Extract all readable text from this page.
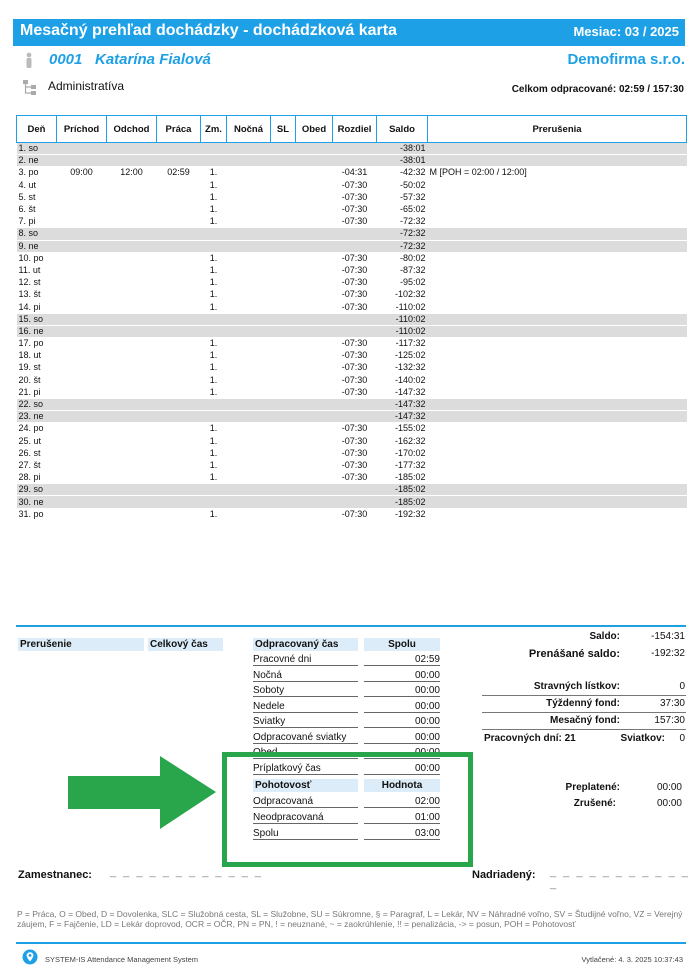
Mesačný prehľad dochádzky - dochádzková karta	Mesiac: 03 / 2025
0001 Katarína Fialová	Demofirma s.r.o.
Administratíva	Celkom odpracované: 02:59 / 157:30
Deň	Príchod	Odchod	Práca	Zm.	Nočná	SL	Obed	Rozdiel	Saldo	Prerušenia
1. so									-38:01	
2. ne									-38:01	
3. po	09:00	12:00	02:59	1.				-04:31	-42:32	M [POH = 02:00 / 12:00]
4. ut				1.				-07:30	-50:02	
5. st				1.				-07:30	-57:32	
6. št				1.				-07:30	-65:02	
7. pi				1.				-07:30	-72:32	
8. so									-72:32	
9. ne									-72:32	
10. po				1.				-07:30	-80:02	
11. ut				1.				-07:30	-87:32	
12. st				1.				-07:30	-95:02	
13. št				1.				-07:30	-102:32	
14. pi				1.				-07:30	-110:02	
15. so									-110:02	
16. ne									-110:02	
17. po				1.				-07:30	-117:32	
18. ut				1.				-07:30	-125:02	
19. st				1.				-07:30	-132:32	
20. št				1.				-07:30	-140:02	
21. pi				1.				-07:30	-147:32	
22. so									-147:32	
23. ne									-147:32	
24. po				1.				-07:30	-155:02	
25. ut				1.				-07:30	-162:32	
26. st				1.				-07:30	-170:02	
27. št				1.				-07:30	-177:32	
28. pi				1.				-07:30	-185:02	
29. so									-185:02	
30. ne									-185:02	
31. po				1.				-07:30	-192:32	
Prerušenie	Celkový čas	Odpracovaný čas	Spolu
Pracovné dni	02:59
Nočná	00:00
Soboty	00:00
Nedele	00:00
Sviatky	00:00
Odpracované sviatky	00:00
Obed	00:00
Príplatkový čas	00:00
Pohotovosť	Hodnota
Odpracovaná	02:00
Neodpracovaná	01:00
Spolu	03:00
Saldo:	-154:31
Prenášané saldo:	-192:32
Stravných lístkov:	0
Týždenný fond:	37:30
Mesačný fond:	157:30
Pracovných dní: 21	Sviatkov:	0
Preplatené:	00:00
Zrušené:	00:00
Zamestnanec: _ _ _ _ _ _ _ _ _ _ _ _	Nadriadený: _ _ _ _ _ _ _ _ _ _ _ _
P = Práca, O = Obed, D = Dovolenka, SLC = Služobná cesta, SL = Služobne, SU = Súkromne, § = Paragraf, L = Lekár, NV = Náhradné voľno, SV = Študijné voľno, VZ = Verejný záujem, F = Fajčenie, LD = Lekár doprovod, OCR = OČR, PN = PN, ! = neuznané, ~ = zaokrúhlenie, !! = penalizácia, -> = posun, POH = Pohotovosť
SYSTEM-IS Attendance Management System	Vytlačené: 4. 3. 2025 10:37:43
